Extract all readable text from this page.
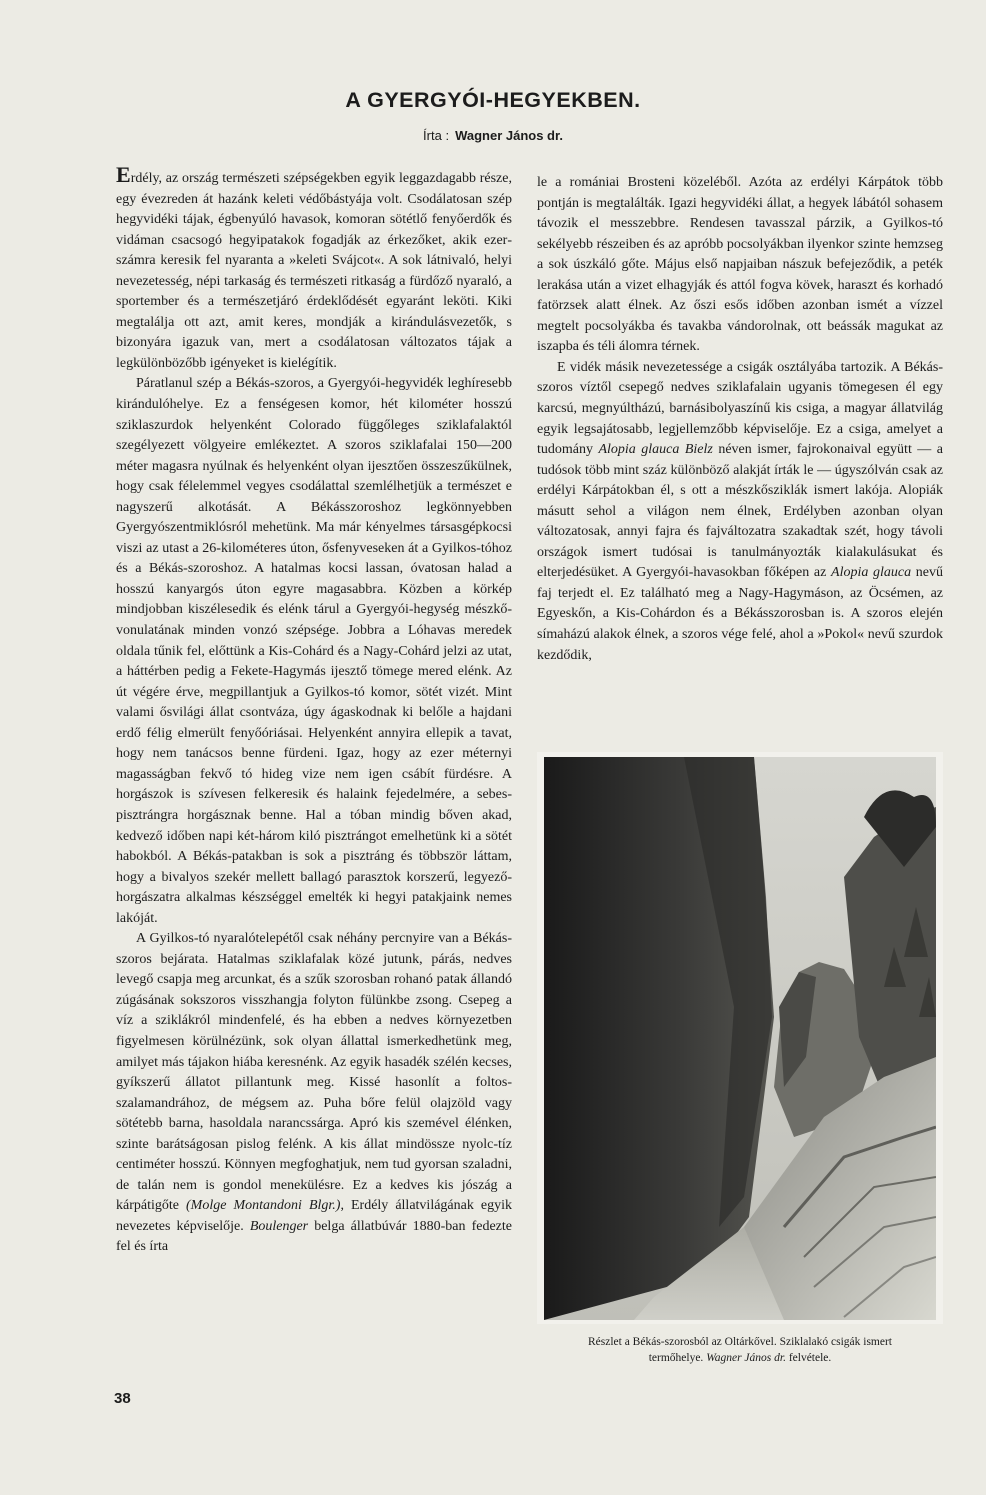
A GYERGYÓI-HEGYEKBEN.
Írta : Wagner János dr.

Erdély, az ország természeti szépségekben egyik leggazdagabb része, egy évezreden át hazánk keleti védőbástyája volt. Csodálatosan szép hegyvidéki tájak, égbenyúló havasok, komoran sötétlő fenyőerdők és vidáman csacsogó hegyipatakok fogadják az érkezőket, akik ezerszámra keresik fel nyaranta a »keleti Svájcot«. A sok látnivaló, helyi nevezetesség, népi tarkaság és természeti ritkaság a fürdőző nyaraló, a sportember és a természetjáró érdeklődését egyaránt leköti. Kiki megtalálja ott azt, amit keres, mondják a kirándulásvezetők, s bizonyára igazuk van, mert a csodálatosan változatos tájak a legkülönbözőbb igényeket is kielégítik.

Páratlanul szép a Békás-szoros, a Gyergyói-hegyvidék leghíresebb kirándulóhelye. Ez a fenségesen komor, hét kilométer hosszú sziklaszurdok helyenként Colorado függőleges sziklafalaktól szegélyezett völgyeire emlékeztet. A szoros sziklafalai 150—200 méter magasra nyúlnak és helyenként olyan ijesztően összeszűkülnek, hogy csak félelemmel vegyes csodálattal szemlélhetjük a természet e nagyszerű alkotását. A Békásszoroshoz legkönnyebben Gyergyószentmiklósról mehetünk. Ma már kényelmes társasgépkocsi viszi az utast a 26-kilométeres úton, ősfenyveseken át a Gyilkos-tóhoz és a Békás-szoroshoz. A hatalmas kocsi lassan, óvatosan halad a hosszú kanyargós úton egyre magasabbra. Közben a körkép mindjobban kiszélesedik és elénk tárul a Gyergyói-hegység mészkővonulatának minden vonzó szépsége. Jobbra a Lóhavas meredek oldala tűnik fel, előttünk a Kis-Cohárd és a Nagy-Cohárd jelzi az utat, a háttérben pedig a Fekete-Hagymás ijesztő tömege mered elénk. Az út végére érve, megpillantjuk a Gyilkos-tó komor, sötét vizét. Mint valami ősvilági állat csontváza, úgy ágaskodnak ki belőle a hajdani erdő félig elmerült fenyőóriásai. Helyenként annyira ellepik a tavat, hogy nem tanácsos benne fürdeni. Igaz, hogy az ezer méternyi magasságban fekvő tó hideg vize nem igen csábít fürdésre. A horgászok is szívesen felkeresik és halaink fejedelmére, a sebespisztrángra horgásznak benne. Hal a tóban mindig bőven akad, kedvező időben napi két-három kiló pisztrángot emelhetünk ki a sötét habokból. A Békás-patakban is sok a pisztráng és többször láttam, hogy a bivalyos szekér mellett ballagó parasztok korszerű, legyezőhorgászatra alkalmas készséggel emelték ki hegyi patakjaink nemes lakóját.

A Gyilkos-tó nyaralótelepétől csak néhány percnyire van a Békás-szoros bejárata. Hatalmas sziklafalak közé jutunk, párás, nedves levegő csapja meg arcunkat, és a szűk szorosban rohanó patak állandó zúgásának sokszoros visszhangja folyton fülünkbe zsong. Csepeg a víz a sziklákról mindenfelé, és ha ebben a nedves környezetben figyelmesen körülnézünk, sok olyan állattal ismerkedhetünk meg, amilyet más tájakon hiába keresnénk. Az egyik hasadék szélén kecses, gyíkszerű állatot pillantunk meg. Kissé hasonlít a foltos-szalamandrához, de mégsem az. Puha bőre felül olajzöld vagy sötétebb barna, hasoldala narancssárga. Apró kis szemével élénken, szinte barátságosan pislog felénk. A kis állat mindössze nyolc-tíz centiméter hosszú. Könnyen megfoghatjuk, nem tud gyorsan szaladni, de talán nem is gondol menekülésre. Ez a kedves kis jószág a kárpátigőte (Molge Montandoni Blgr.), Erdély állatvilágának egyik nevezetes képviselője. Boulenger belga állatbúvár 1880-ban fedezte fel és írta

le a romániai Brosteni közeléből. Azóta az erdélyi Kárpátok több pontján is megtalálták. Igazi hegyvidéki állat, a hegyek lábától sohasem távozik el messzebbre. Rendesen tavasszal párzik, a Gyilkos-tó sekélyebb részeiben és az apróbb pocsolyákban ilyenkor szinte hemzseg a sok úszkáló gőte. Május első napjaiban nászuk befejeződik, a peték lerakása után a vizet elhagyják és attól fogva kövek, haraszt és korhadó fatörzsek alatt élnek. Az őszi esős időben azonban ismét a vízzel megtelt pocsolyákba és tavakba vándorolnak, ott beássák magukat az iszapba és téli álomra térnek.

E vidék másik nevezetessége a csigák osztályába tartozik. A Békás-szoros víztől csepegő nedves sziklafalain ugyanis tömegesen él egy karcsú, megnyúltházú, barnásibolyaszínű kis csiga, a magyar állatvilág egyik legsajátosabb, legjellemzőbb képviselője. Ez a csiga, amelyet a tudomány Alopia glauca Bielz néven ismer, fajrokonaival együtt — a tudósok több mint száz különböző alakját írták le — úgyszólván csak az erdélyi Kárpátokban él, s ott a mészkősziklák ismert lakója. Alopiák másutt sehol a világon nem élnek, Erdélyben azonban olyan változatosak, annyi fajra és fajváltozatra szakadtak szét, hogy távoli országok ismert tudósai is tanulmányozták kialakulásukat és elterjedésüket. A Gyergyói-havasokban főképen az Alopia glauca nevű faj terjedt el. Ez található meg a Nagy-Hagymáson, az Öcsémen, az Egyeskőn, a Kis-Cohárdon és a Békásszorosban is. A szoros elején símaházú alakok élnek, a szoros vége felé, ahol a »Pokol« nevű szurdok kezdődik,

Részlet a Békás-szorosból az Oltárkővel. Sziklalakó csigák ismert
termőhelye. Wagner János dr. felvétele.
38
